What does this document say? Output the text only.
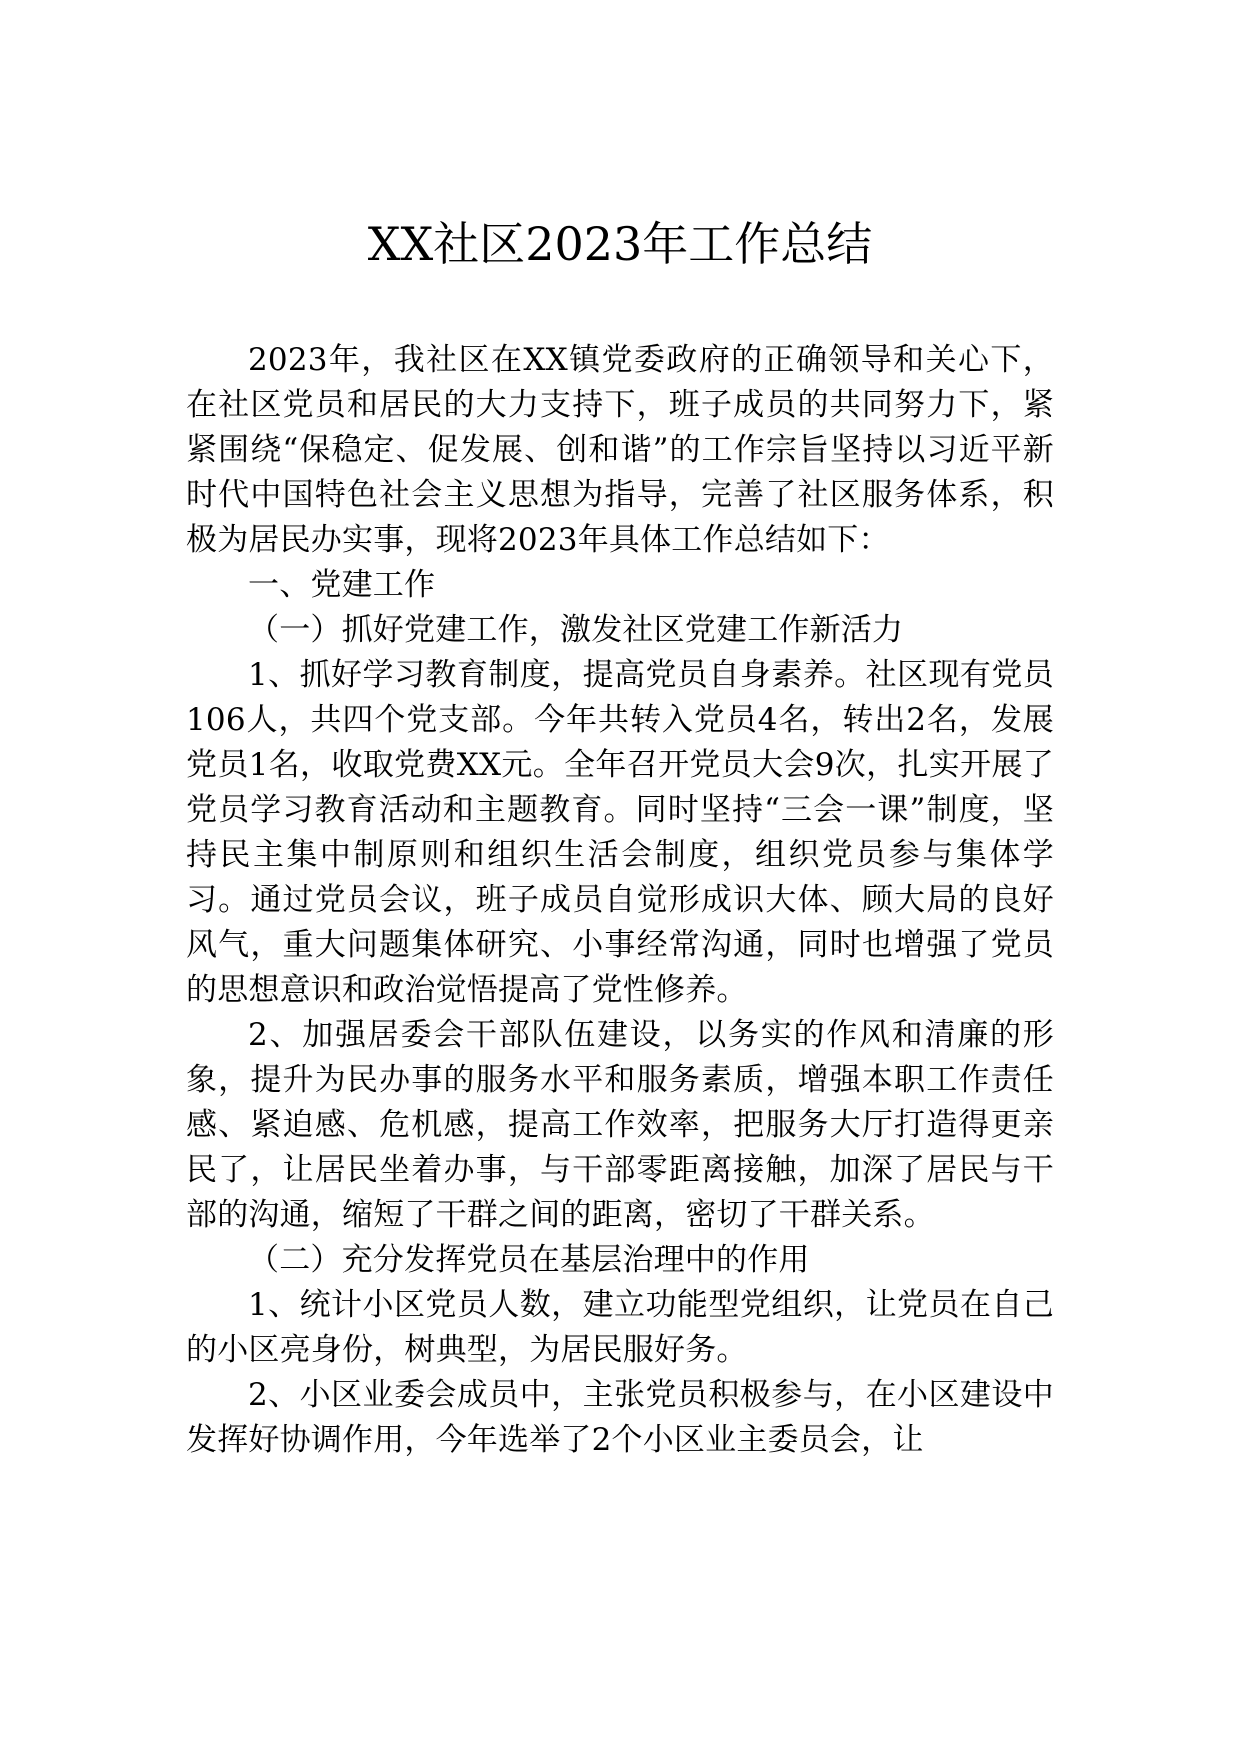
XX社区2023年工作总结

2023年，我社区在XX镇党委政府的正确领导和关心下，在社区党员和居民的大力支持下，班子成员的共同努力下，紧紧围绕“保稳定、促发展、创和谐”的工作宗旨坚持以习近平新时代中国特色社会主义思想为指导，完善了社区服务体系，积极为居民办实事，现将2023年具体工作总结如下：

一、党建工作

（一）抓好党建工作，激发社区党建工作新活力

1、抓好学习教育制度，提高党员自身素养。社区现有党员106人，共四个党支部。今年共转入党员4名，转出2名，发展党员1名，收取党费XX元。全年召开党员大会9次，扎实开展了党员学习教育活动和主题教育。同时坚持“三会一课”制度，坚持民主集中制原则和组织生活会制度，组织党员参与集体学习。通过党员会议，班子成员自觉形成识大体、顾大局的良好风气，重大问题集体研究、小事经常沟通，同时也增强了党员的思想意识和政治觉悟提高了党性修养。

2、加强居委会干部队伍建设，以务实的作风和清廉的形象，提升为民办事的服务水平和服务素质，增强本职工作责任感、紧迫感、危机感，提高工作效率，把服务大厅打造得更亲民了，让居民坐着办事，与干部零距离接触，加深了居民与干部的沟通，缩短了干群之间的距离，密切了干群关系。

（二）充分发挥党员在基层治理中的作用

1、统计小区党员人数，建立功能型党组织，让党员在自己的小区亮身份，树典型，为居民服好务。

2、小区业委会成员中，主张党员积极参与，在小区建设中发挥好协调作用，今年选举了2个小区业主委员会，让
